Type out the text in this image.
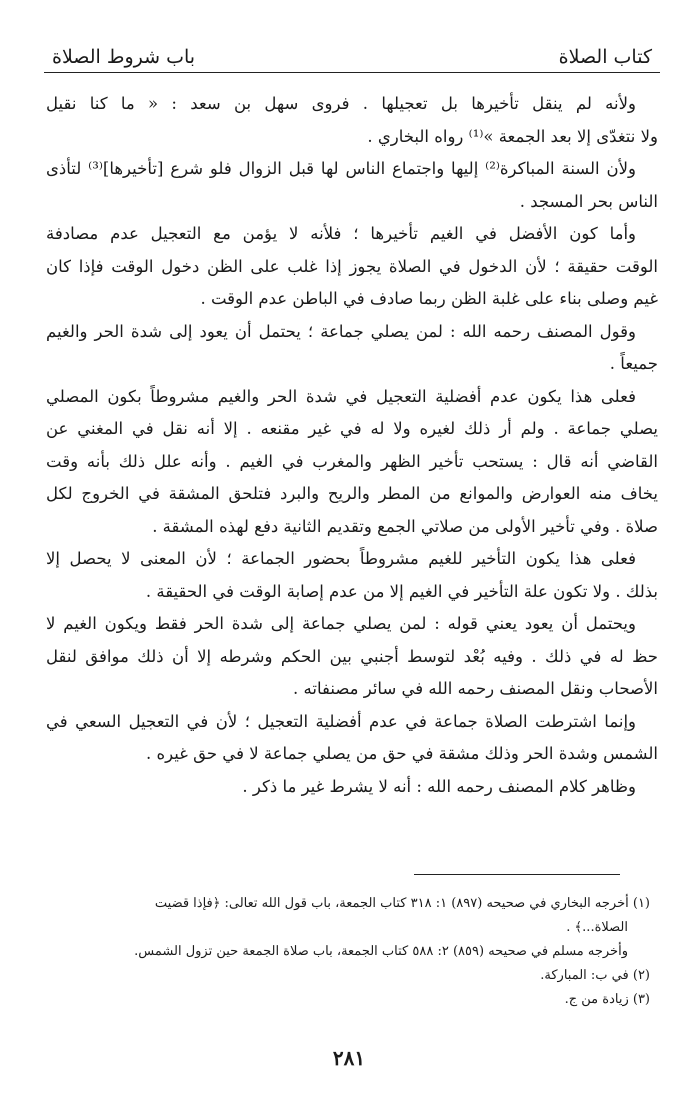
باب شروط الصلاة	كتاب الصلاة
ولأنه لم ينقل تأخيرها بل تعجيلها . فروى سهل بن سعد : « ما كنا نقيل
ولا نتغدّى إلا بعد الجمعة »⁽¹⁾ رواه البخاري .
ولأن السنة المباكرة⁽²⁾ إليها واجتماع الناس لها قبل الزوال فلو شرع [تأخيرها]⁽³⁾ لتأذى
الناس بحر المسجد .
وأما كون الأفضل في الغيم تأخيرها ؛ فلأنه لا يؤمن مع التعجيل عدم مصادفة
الوقت حقيقة ؛ لأن الدخول في الصلاة يجوز إذا غلب على الظن دخول الوقت فإذا كان
غيم وصلى بناء على غلبة الظن ربما صادف في الباطن عدم الوقت .
وقول المصنف رحمه الله : لمن يصلي جماعة ؛ يحتمل أن يعود إلى شدة الحر والغيم
جميعاً .
فعلى هذا يكون عدم أفضلية التعجيل في شدة الحر والغيم مشروطاً بكون المصلي
يصلي جماعة . ولم أر ذلك لغيره ولا له في غير مقنعه . إلا أنه نقل في المغني عن
القاضي أنه قال : يستحب تأخير الظهر والمغرب في الغيم . وأنه علل ذلك بأنه وقت
يخاف منه العوارض والموانع من المطر والريح والبرد فتلحق المشقة في الخروج لكل
صلاة . وفي تأخير الأولى من صلاتي الجمع وتقديم الثانية دفع لهذه المشقة .
فعلى هذا يكون التأخير للغيم مشروطاً بحضور الجماعة ؛ لأن المعنى لا يحصل إلا
بذلك . ولا تكون علة التأخير في الغيم إلا من عدم إصابة الوقت في الحقيقة .
ويحتمل أن يعود يعني قوله : لمن يصلي جماعة إلى شدة الحر فقط ويكون الغيم لا
حظ له في ذلك . وفيه بُعْد لتوسط أجنبي بين الحكم وشرطه إلا أن ذلك موافق لنقل
الأصحاب ونقل المصنف رحمه الله في سائر مصنفاته .
وإنما اشترطت الصلاة جماعة في عدم أفضلية التعجيل ؛ لأن في التعجيل السعي في
الشمس وشدة الحر وذلك مشقة في حق من يصلي جماعة لا في حق غيره .
وظاهر كلام المصنف رحمه الله : أنه لا يشرط غير ما ذكر .
(١) أخرجه البخاري في صحيحه (٨٩٧) ١: ٣١٨ كتاب الجمعة، باب قول الله تعالى: ﴿فإذا قضيت
الصلاة...﴾ .
وأخرجه مسلم في صحيحه (٨٥٩) ٢: ٥٨٨ كتاب الجمعة، باب صلاة الجمعة حين تزول الشمس.
(٢) في ب: المباركة.
(٣) زيادة من ج.
٢٨١
